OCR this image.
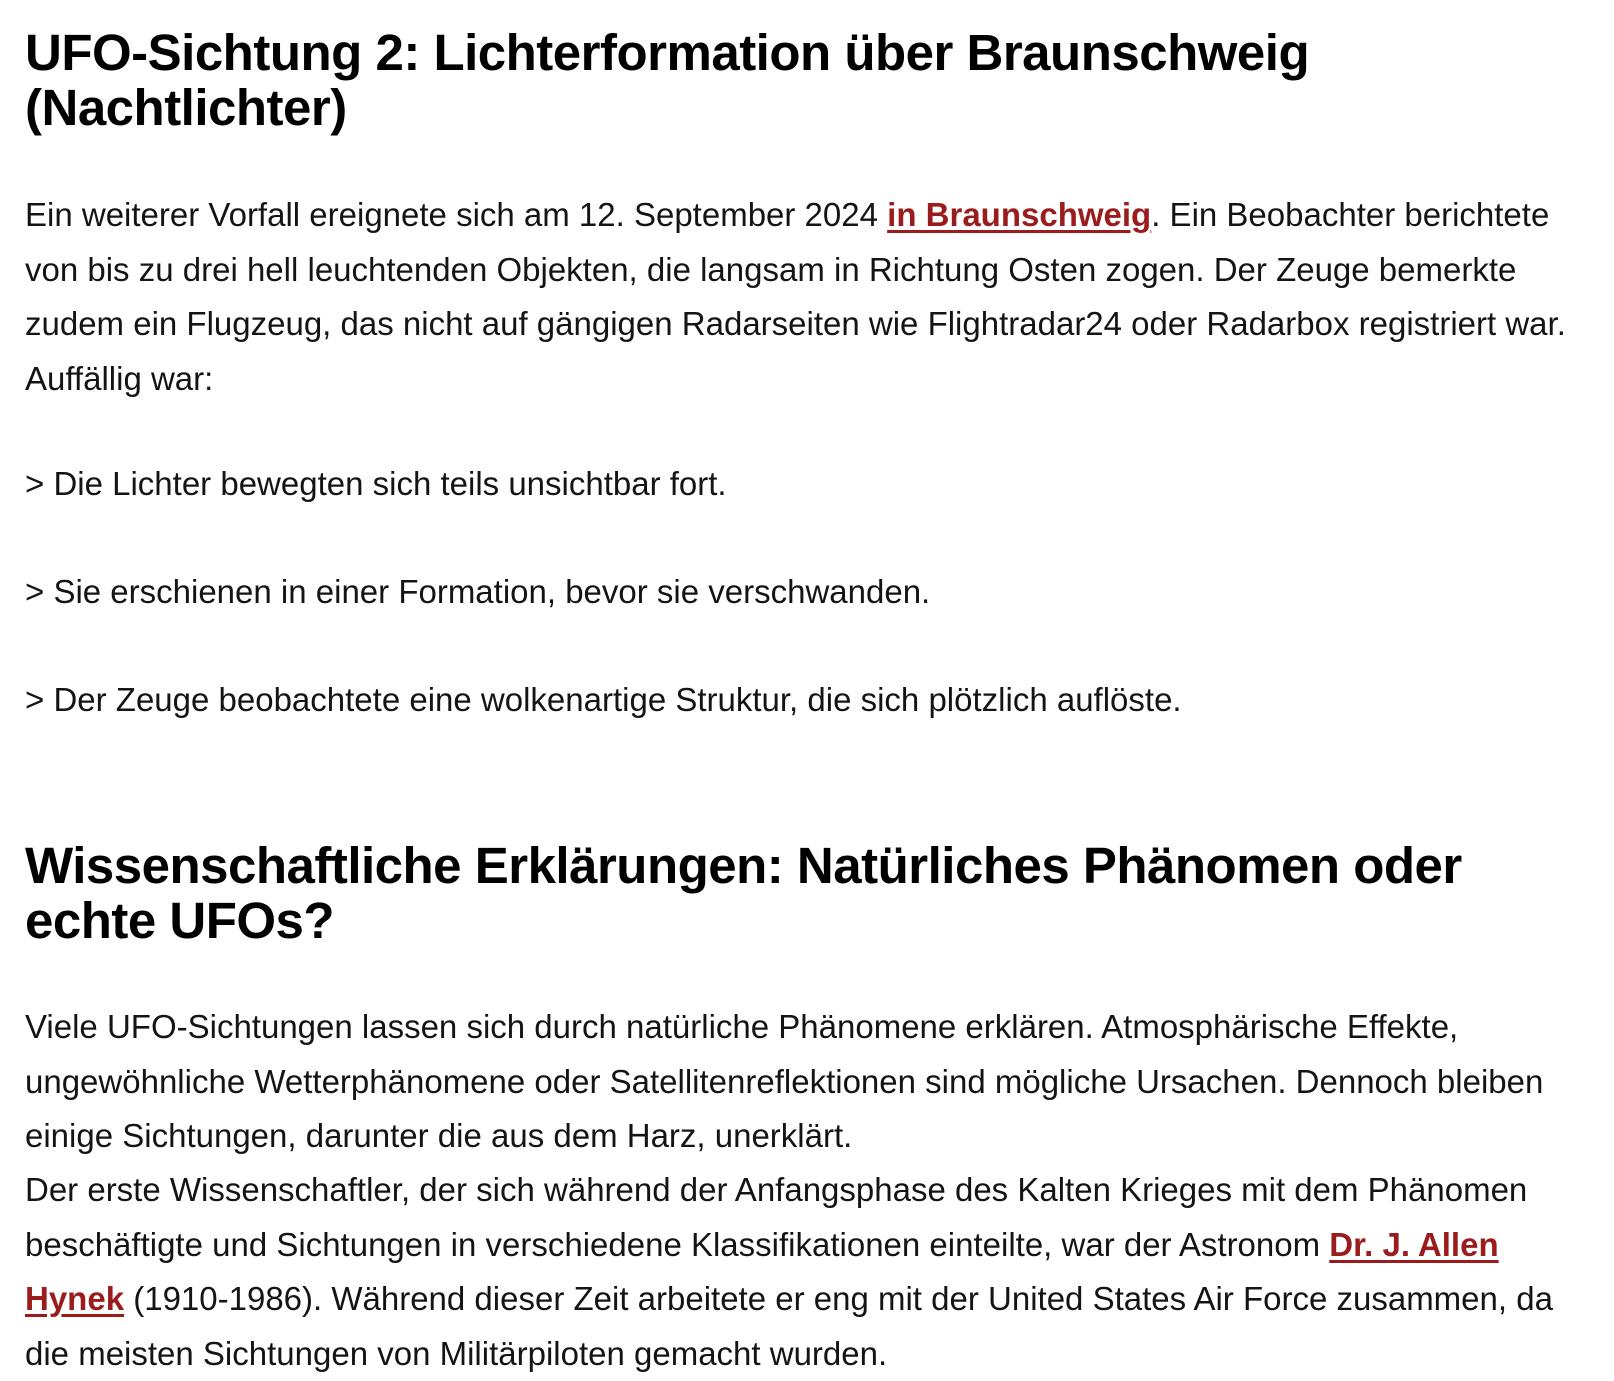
UFO-Sichtung 2: Lichterformation über Braunschweig (Nachtlichter)

Ein weiterer Vorfall ereignete sich am 12. September 2024 in Braunschweig. Ein Beobachter berichtete von bis zu drei hell leuchtenden Objekten, die langsam in Richtung Osten zogen. Der Zeuge bemerkte zudem ein Flugzeug, das nicht auf gängigen Radarseiten wie Flightradar24 oder Radarbox registriert war. Auffällig war:

> Die Lichter bewegten sich teils unsichtbar fort.

> Sie erschienen in einer Formation, bevor sie verschwanden.

> Der Zeuge beobachtete eine wolkenartige Struktur, die sich plötzlich auflöste.

Wissenschaftliche Erklärungen: Natürliches Phänomen oder echte UFOs?

Viele UFO-Sichtungen lassen sich durch natürliche Phänomene erklären. Atmosphärische Effekte, ungewöhnliche Wetterphänomene oder Satellitenreflektionen sind mögliche Ursachen. Dennoch bleiben einige Sichtungen, darunter die aus dem Harz, unerklärt.

Der erste Wissenschaftler, der sich während der Anfangsphase des Kalten Krieges mit dem Phänomen beschäftigte und Sichtungen in verschiedene Klassifikationen einteilte, war der Astronom Dr. J. Allen Hynek (1910-1986). Während dieser Zeit arbeitete er eng mit der United States Air Force zusammen, da die meisten Sichtungen von Militärpiloten gemacht wurden.
